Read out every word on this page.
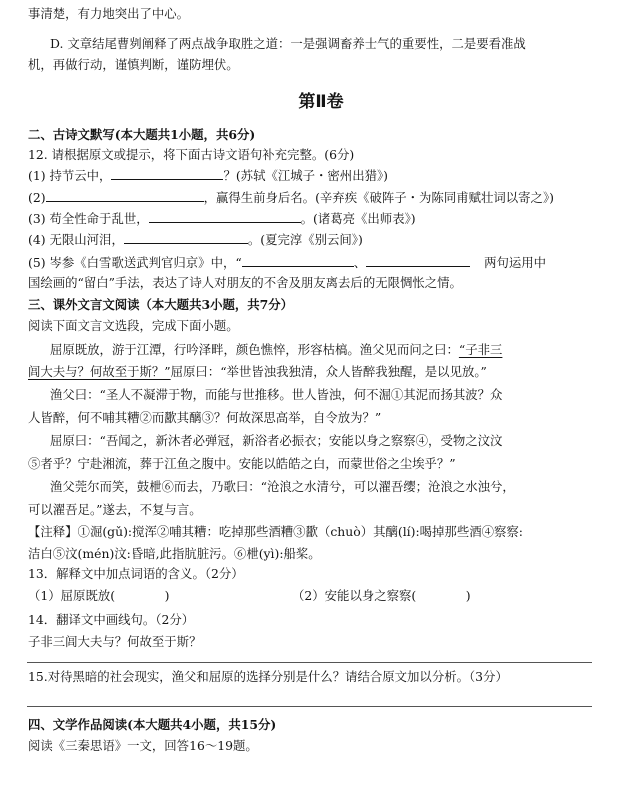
事清楚，有力地突出了中心。
D. 文章结尾曹刿阐释了两点战争取胜之道：一是强调畜养士气的重要性，二是要看准战
机，再做行动，谨慎判断，谨防埋伏。
第Ⅱ卷
二、古诗文默写(本大题共1小题，共6分)
12. 请根据原文或提示，将下面古诗文语句补充完整。(6分)
(1) 持节云中，	？(苏轼《江城子・密州出猎》)
(2)	，赢得生前身后名。(辛弃疾《破阵子・为陈同甫赋壮词以寄之》)
(3) 苟全性命于乱世，	。(诸葛亮《出师表》)
(4) 无限山河泪，	。(夏完淳《别云间》)
(5) 岑参《白雪歌送武判官归京》中，“	、	两句运用中
国绘画的“留白”手法，表达了诗人对朋友的不舍及朋友离去后的无限惆怅之情。
三、课外文言文阅读（本大题共3小题，共7分）
阅读下面文言文选段，完成下面小题。
屈原既放，游于江潭，行吟泽畔，颜色憔悴，形容枯槁。渔父见而问之曰：“子非三
闾大夫与？何故至于斯？”屈原曰：“举世皆浊我独清，众人皆醉我独醒，是以见放。”
渔父曰：“圣人不凝滞于物，而能与世推移。世人皆浊，何不淈①其泥而扬其波？众
人皆醉，何不哺其糟②而歠其醨③？何故深思高举，自令放为？”
屈原曰：“吾闻之，新沐者必弹冠，新浴者必振衣；安能以身之察察④，受物之汶汶
⑤者乎？宁赴湘流，葬于江鱼之腹中。安能以皓皓之白，而蒙世俗之尘埃乎？”
渔父莞尔而笑，鼓枻⑥而去，乃歌曰：“沧浪之水清兮，可以濯吾缨；沧浪之水浊兮，
可以濯吾足。”遂去，不复与言。
【注释】①淈(gǔ):搅浑②哺其糟：吃掉那些酒糟③歠（chuò）其醨(lí):喝掉那些酒④察察:
洁白⑤汶(mén)汶:昏暗,此指肮脏污。⑥枻(yì):船桨。
13．解释文中加点词语的含义。（2分）
（1）屈原既放(　　　　)	（2）安能以身之察察(　　　　)
14．翻译文中画线句。（2分）
子非三闾大夫与？何故至于斯？
15.对待黑暗的社会现实，渔父和屈原的选择分别是什么？请结合原文加以分析。（3分）
四、文学作品阅读(本大题共4小题，共15分)
阅读《三秦思语》一文，回答16～19题。
